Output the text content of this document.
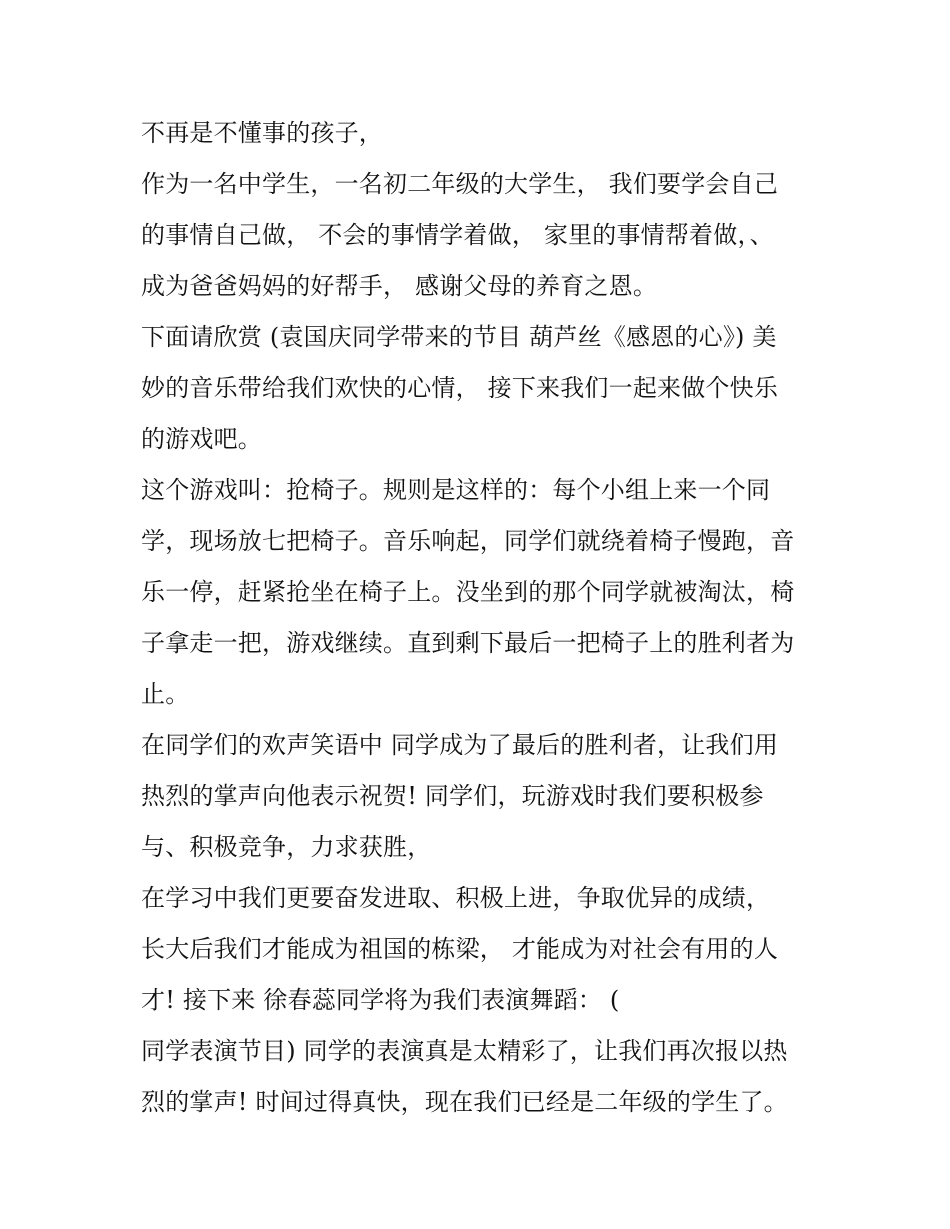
不再是不懂事的孩子，
作为一名中学生，一名初二年级的大学生， 我们要学会自己
的事情自己做， 不会的事情学着做， 家里的事情帮着做，、
成为爸爸妈妈的好帮手， 感谢父母的养育之恩。
下面请欣赏 (袁国庆同学带来的节目 葫芦丝《感恩的心》) 美
妙的音乐带给我们欢快的心情， 接下来我们一起来做个快乐
的游戏吧。
这个游戏叫：抢椅子。规则是这样的：每个小组上来一个同
学，现场放七把椅子。音乐响起，同学们就绕着椅子慢跑，音
乐一停，赶紧抢坐在椅子上。没坐到的那个同学就被淘汰，椅
子拿走一把，游戏继续。直到剩下最后一把椅子上的胜利者为
止。
在同学们的欢声笑语中 同学成为了最后的胜利者，让我们用
热烈的掌声向他表示祝贺! 同学们，玩游戏时我们要积极参
与、积极竞争，力求获胜，
在学习中我们更要奋发进取、积极上进，争取优异的成绩，
长大后我们才能成为祖国的栋梁， 才能成为对社会有用的人
才! 接下来 徐春蕊同学将为我们表演舞蹈： (
同学表演节目) 同学的表演真是太精彩了，让我们再次报以热
烈的掌声! 时间过得真快，现在我们已经是二年级的学生了。
